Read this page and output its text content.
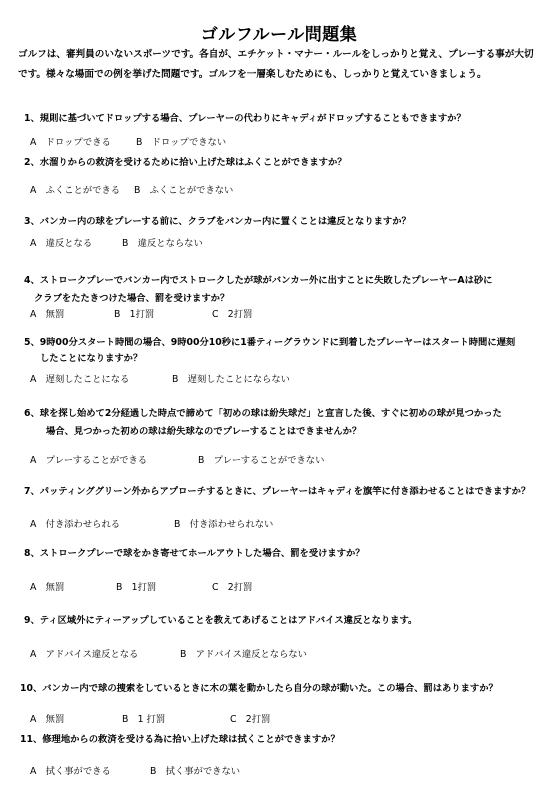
ゴルフルール問題集
ゴルフは、審判員のいないスポーツです。各自が、エチケット・マナー・ルールをしっかりと覚え、プレーする事が大切
です。様々な場面での例を挙げた問題です。ゴルフを一層楽しむためにも、しっかりと覚えていきましょう。
1、規則に基づいてドロップする場合、プレーヤーの代わりにキャディがドロップすることもできますか？
A　ドロップできる	B　ドロップできない
2、水溜りからの救済を受けるために拾い上げた球はふくことができますか？
A　ふくことができる B　ふくことができない
3、バンカー内の球をプレーする前に、クラブをバンカー内に置くことは違反となりますか？
A　違反となる	B　違反とならない
4、ストロークプレーでバンカー内でストロークしたが球がバンカー外に出すことに失敗したプレーヤーAは砂に
クラブをたたきつけた場合、罰を受けますか？
A　無罰	B　1打罰	C　2打罰
5、9時00分スタート時間の場合、9時00分10秒に1番ティーグラウンドに到着したプレーヤーはスタート時間に遅刻
したことになりますか？
A　遅刻したことになる	B　遅刻したことにならない
6、球を探し始めて2分経過した時点で諦めて「初めの球は紛失球だ」と宣言した後、すぐに初めの球が見つかった
場合、見つかった初めの球は紛失球なのでプレーすることはできませんか？
A　プレーすることができる	B　プレーすることができない
7、パッティンググリーン外からアプローチするときに、プレーヤーはキャディを旗竿に付き添わせることはできますか？
A　付き添わせられる	B　付き添わせられない
8、ストロークプレーで球をかき寄せてホールアウトした場合、罰を受けますか？
A　無罰	B　1打罰	C　2打罰
9、ティ区域外にティーアップしていることを教えてあげることはアドバイス違反となります。
A　アドバイス違反となる	B　アドバイス違反とならない
10、バンカー内で球の捜索をしているときに木の葉を動かしたら自分の球が動いた。この場合、罰はありますか？
A　無罰	B　1 打罰	C　2打罰
11、修理地からの救済を受ける為に拾い上げた球は拭くことができますか？
A　拭く事ができる	B　拭く事ができない
